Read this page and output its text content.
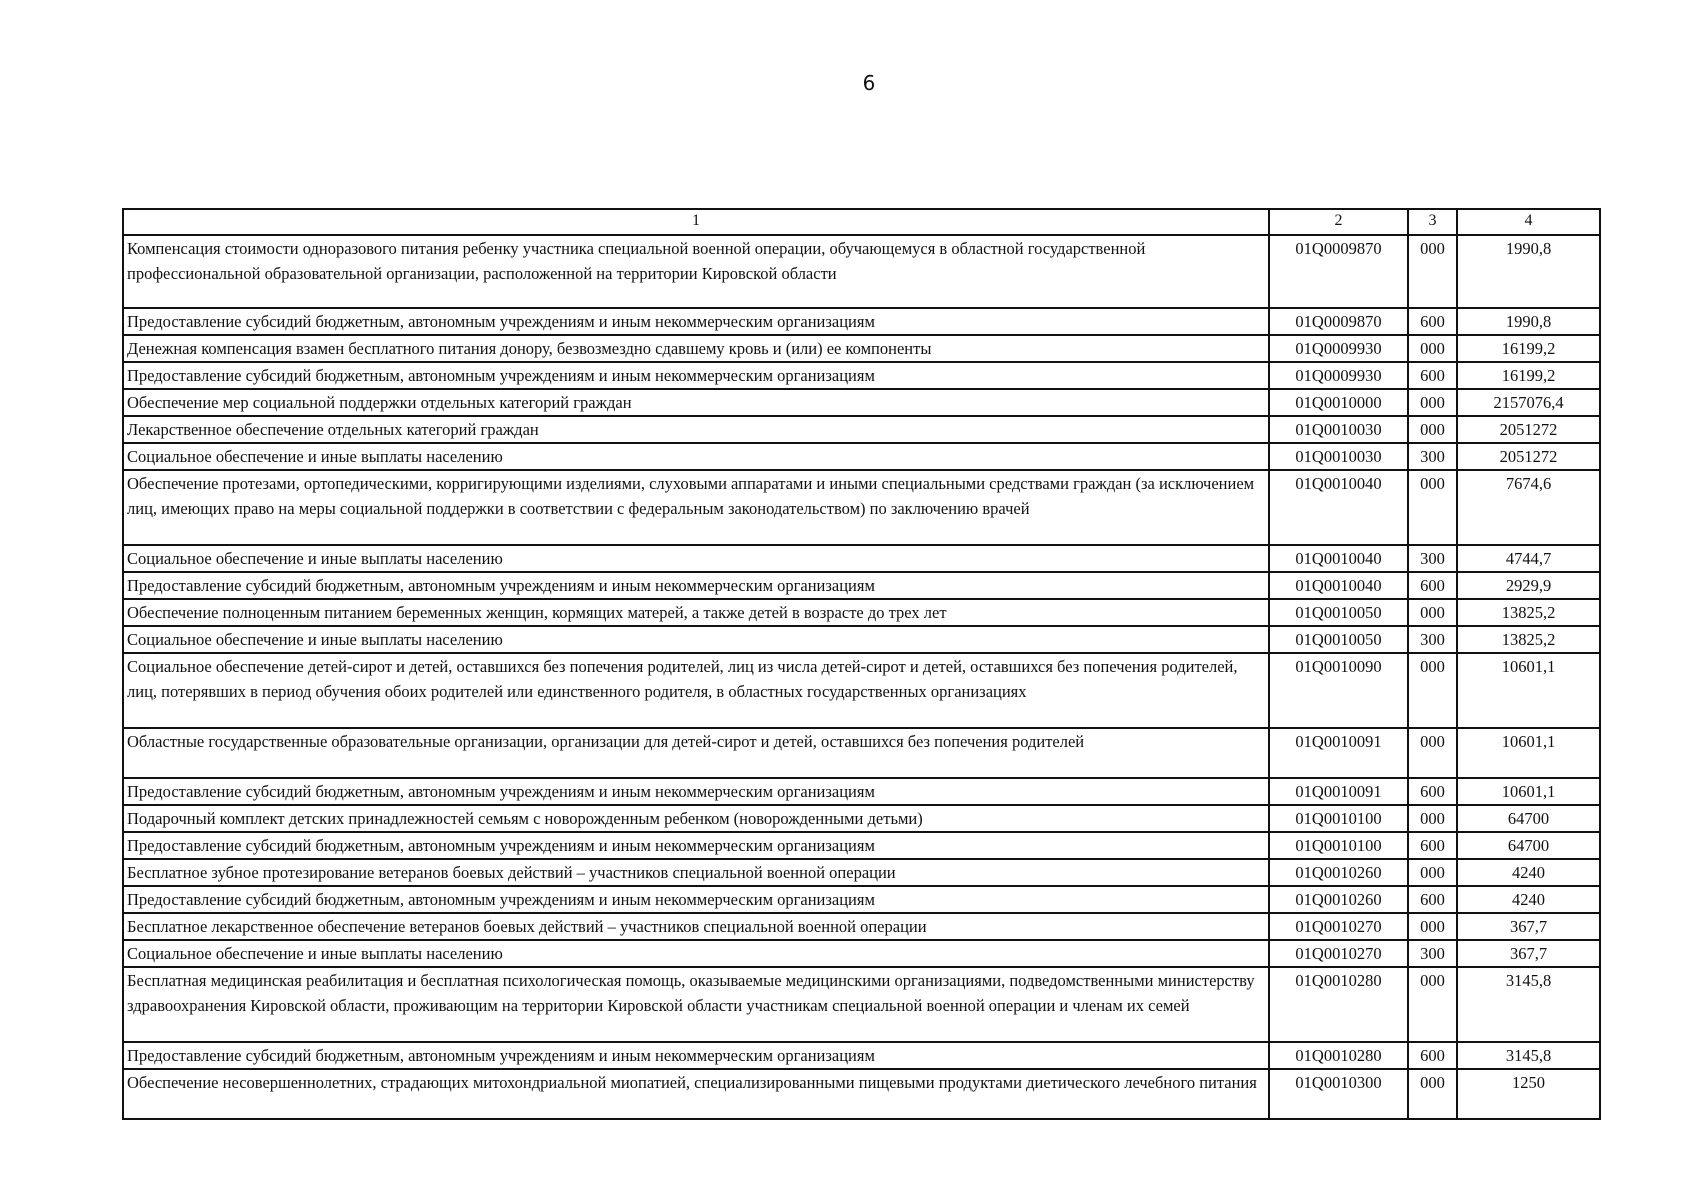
6
1	2	3	4
Компенсация стоимости одноразового питания ребенку участника специальной военной операции, обучающемуся в областной государственной профессиональной образовательной организации, расположенной на территории Кировской области	01Q0009870	000	1990,8
Предоставление субсидий бюджетным, автономным учреждениям и иным некоммерческим организациям	01Q0009870	600	1990,8
Денежная компенсация взамен бесплатного питания донору, безвозмездно сдавшему кровь и (или) ее компоненты	01Q0009930	000	16199,2
Предоставление субсидий бюджетным, автономным учреждениям и иным некоммерческим организациям	01Q0009930	600	16199,2
Обеспечение мер социальной поддержки отдельных категорий граждан	01Q0010000	000	2157076,4
Лекарственное обеспечение отдельных категорий граждан	01Q0010030	000	2051272
Социальное обеспечение и иные выплаты населению	01Q0010030	300	2051272
Обеспечение протезами, ортопедическими, корригирующими изделиями, слуховыми аппаратами и иными специальными средствами граждан (за исключением лиц, имеющих право на меры социальной поддержки в соответствии с федеральным законодательством) по заключению врачей	01Q0010040	000	7674,6
Социальное обеспечение и иные выплаты населению	01Q0010040	300	4744,7
Предоставление субсидий бюджетным, автономным учреждениям и иным некоммерческим организациям	01Q0010040	600	2929,9
Обеспечение полноценным питанием беременных женщин, кормящих матерей, а также детей в возрасте до трех лет	01Q0010050	000	13825,2
Социальное обеспечение и иные выплаты населению	01Q0010050	300	13825,2
Социальное обеспечение детей-сирот и детей, оставшихся без попечения родителей, лиц из числа детей-сирот и детей, оставшихся без попечения родителей, лиц, потерявших в период обучения обоих родителей или единственного родителя, в областных государственных организациях	01Q0010090	000	10601,1
Областные государственные образовательные организации, организации для детей-сирот и детей, оставшихся без попечения родителей	01Q0010091	000	10601,1
Предоставление субсидий бюджетным, автономным учреждениям и иным некоммерческим организациям	01Q0010091	600	10601,1
Подарочный комплект детских принадлежностей семьям с новорожденным ребенком (новорожденными детьми)	01Q0010100	000	64700
Предоставление субсидий бюджетным, автономным учреждениям и иным некоммерческим организациям	01Q0010100	600	64700
Бесплатное зубное протезирование ветеранов боевых действий – участников специальной военной операции	01Q0010260	000	4240
Предоставление субсидий бюджетным, автономным учреждениям и иным некоммерческим организациям	01Q0010260	600	4240
Бесплатное лекарственное обеспечение ветеранов боевых действий – участников специальной военной операции	01Q0010270	000	367,7
Социальное обеспечение и иные выплаты населению	01Q0010270	300	367,7
Бесплатная медицинская реабилитация и бесплатная психологическая помощь, оказываемые медицинскими организациями, подведомственными министерству здравоохранения Кировской области, проживающим на территории Кировской области участникам специальной военной операции и членам их семей	01Q0010280	000	3145,8
Предоставление субсидий бюджетным, автономным учреждениям и иным некоммерческим организациям	01Q0010280	600	3145,8
Обеспечение несовершеннолетних, страдающих митохондриальной миопатией, специализированными пищевыми продуктами диетического лечебного питания	01Q0010300	000	1250
